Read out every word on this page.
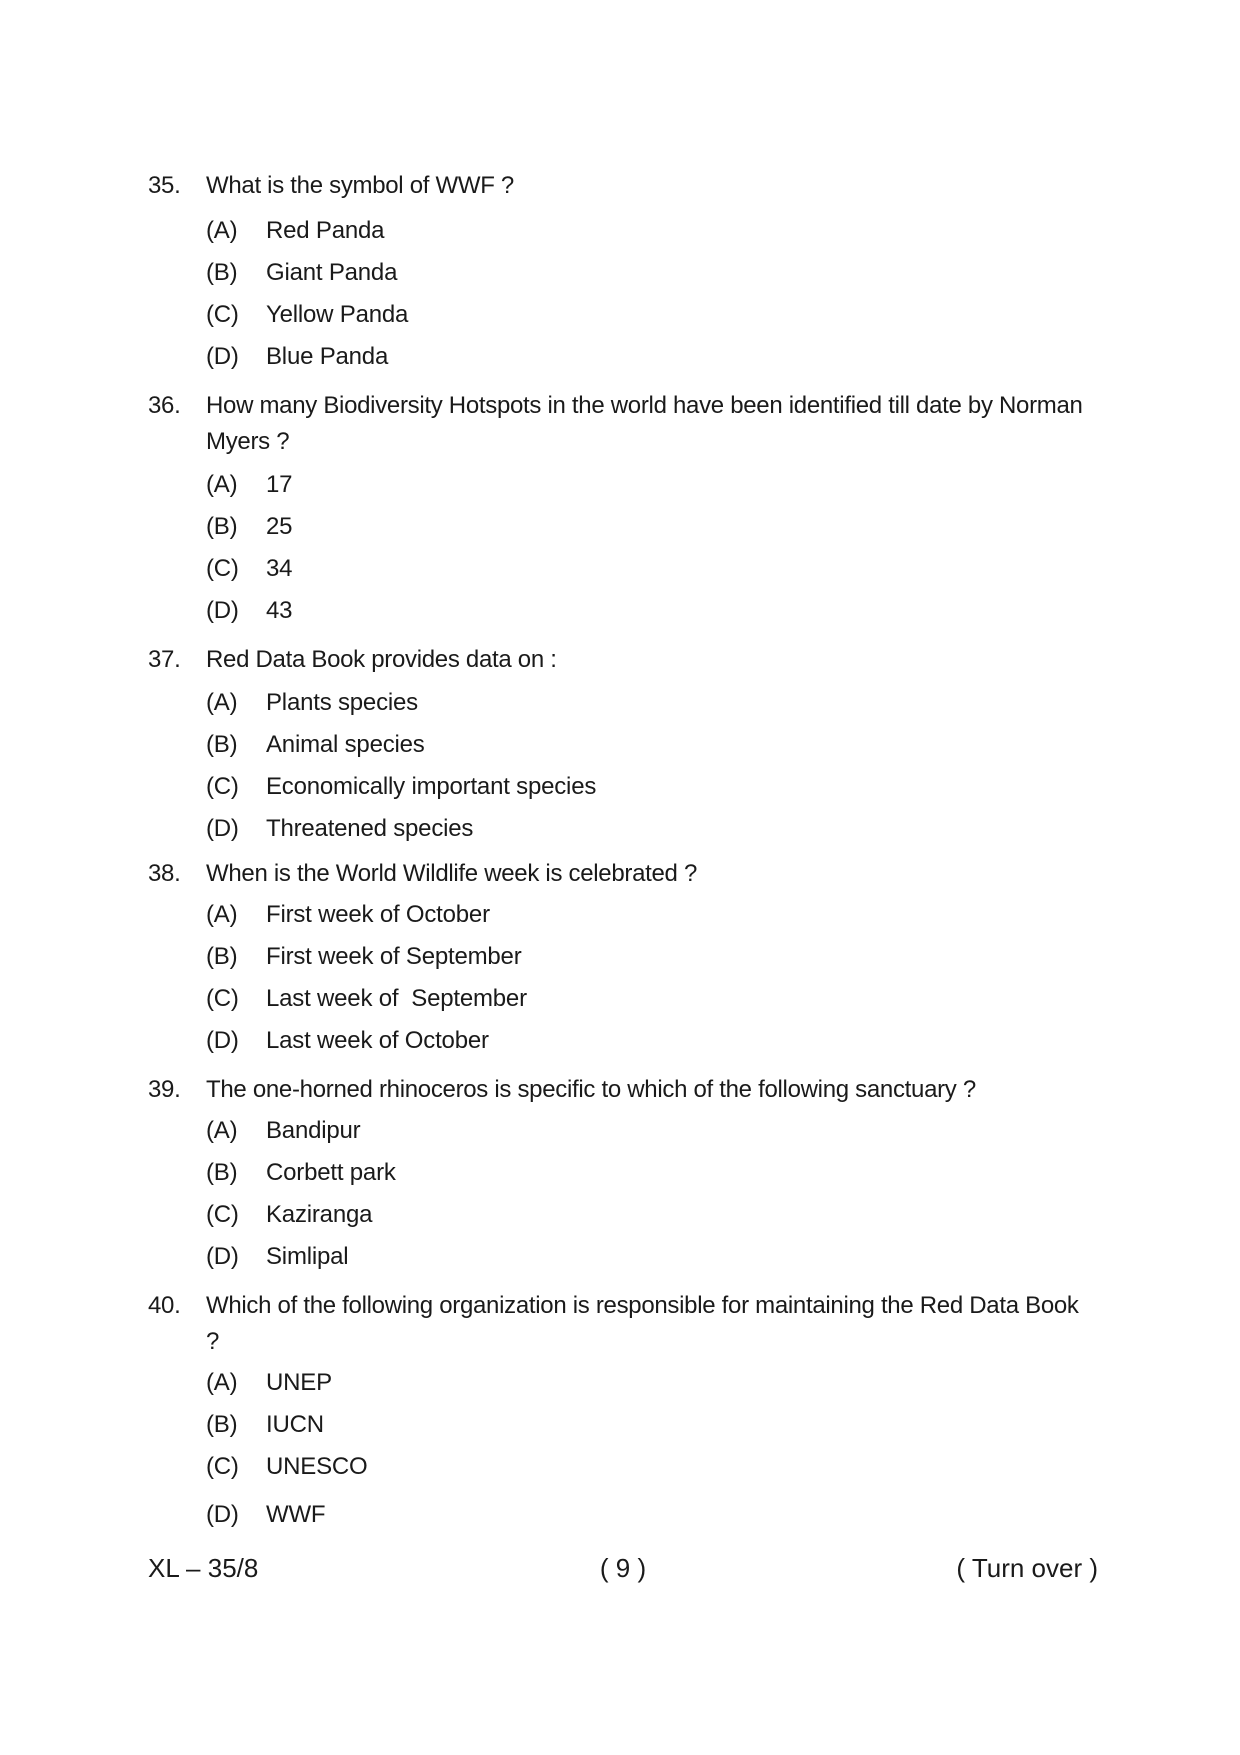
35.	What is the symbol of WWF ?
(A)	Red Panda
(B)	Giant Panda
(C)	Yellow Panda
(D)	Blue Panda
36.	How many Biodiversity Hotspots in the world have been identified till date by Norman Myers ?
(A)	17
(B)	25
(C)	34
(D)	43
37.	Red Data Book provides data on :
(A)	Plants species
(B)	Animal species
(C)	Economically important species
(D)	Threatened species
38.	When is the World Wildlife week is celebrated ?
(A)	First week of October
(B)	First week of September
(C)	Last week of  September
(D)	Last week of October
39.	The one-horned rhinoceros is specific to which of the following sanctuary ?
(A)	Bandipur
(B)	Corbett park
(C)	Kaziranga
(D)	Simlipal
40.	Which of the following organization is responsible for maintaining the Red Data Book ?
(A)	UNEP
(B)	IUCN
(C)	UNESCO
(D)	WWF
XL – 35/8	( 9 )	( Turn over )
